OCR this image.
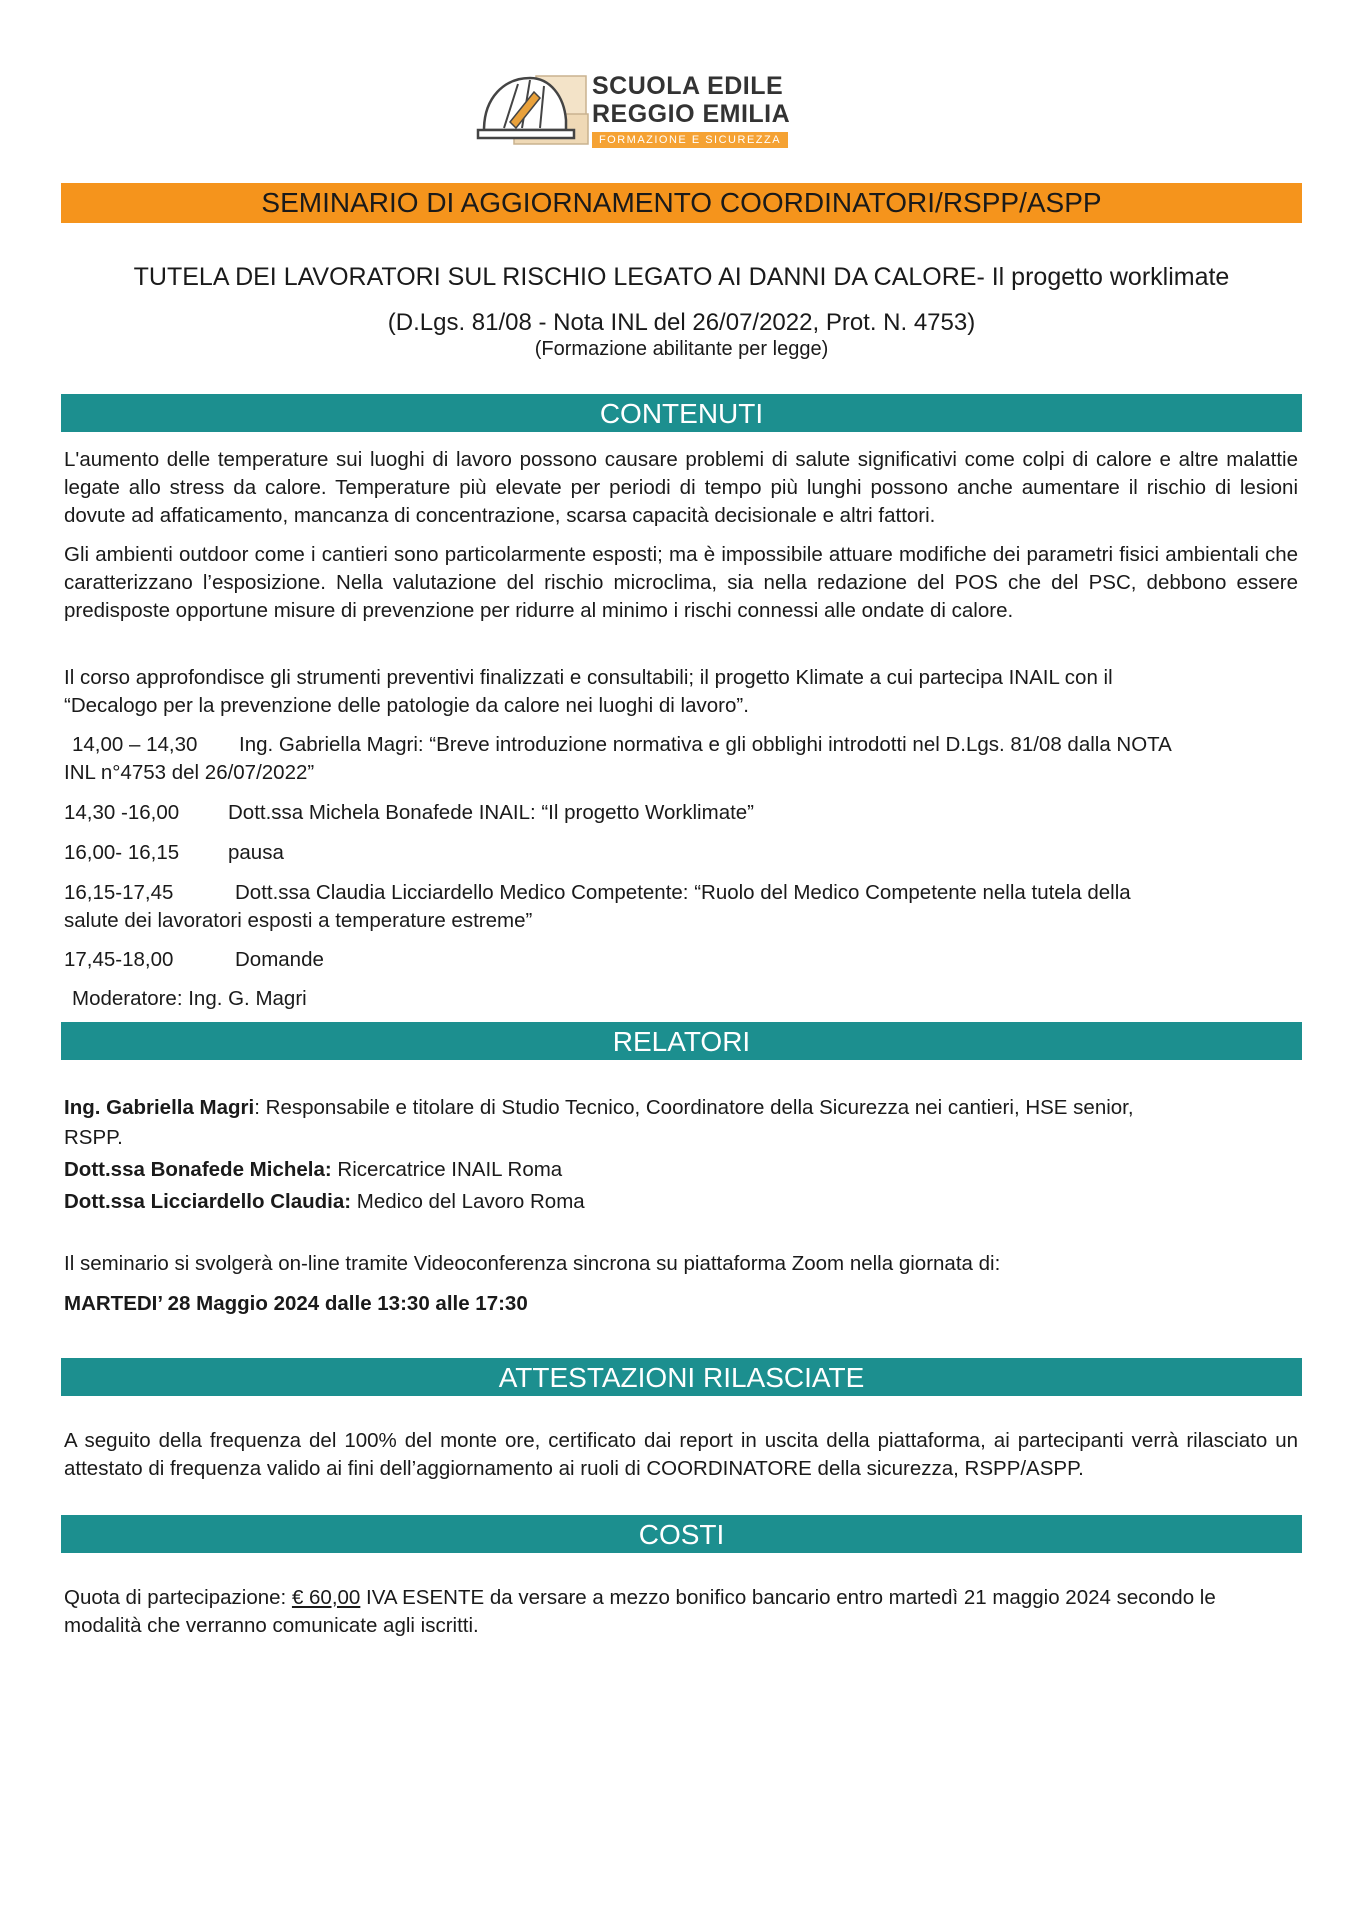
SCUOLA EDILE
REGGIO EMILIA
FORMAZIONE E SICUREZZA
SEMINARIO DI AGGIORNAMENTO COORDINATORI/RSPP/ASPP
TUTELA DEI LAVORATORI SUL RISCHIO LEGATO AI DANNI DA CALORE- Il progetto worklimate
(D.Lgs. 81/08 - Nota INL del 26/07/2022, Prot. N. 4753)
(Formazione abilitante per legge)
CONTENUTI

L'aumento delle temperature sui luoghi di lavoro possono causare problemi di salute significativi come colpi di calore e altre malattie legate allo stress da calore. Temperature più elevate per periodi di tempo più lunghi possono anche aumentare il rischio di lesioni dovute ad affaticamento, mancanza di concentrazione, scarsa capacità decisionale e altri fattori.

Gli ambienti outdoor come i cantieri sono particolarmente esposti; ma è impossibile attuare modifiche dei parametri fisici ambientali che caratterizzano l’esposizione. Nella valutazione del rischio microclima, sia nella redazione del POS che del PSC, debbono essere predisposte opportune misure di prevenzione per ridurre al minimo i rischi connessi alle ondate di calore.

Il corso approfondisce gli strumenti preventivi finalizzati e consultabili; il progetto Klimate a cui partecipa INAIL con il
“Decalogo per la prevenzione delle patologie da calore nei luoghi di lavoro”.
14,00 – 14,30 Ing. Gabriella Magri: “Breve introduzione normativa e gli obblighi introdotti nel D.Lgs. 81/08 dalla NOTA
INL n°4753 del 26/07/2022”
14,30 -16,00 Dott.ssa Michela Bonafede INAIL: “Il progetto Worklimate”
16,00- 16,15 pausa
16,15-17,45	Dott.ssa Claudia Licciardello Medico Competente: “Ruolo del Medico Competente nella tutela della
salute dei lavoratori esposti a temperature estreme”
17,45-18,00	Domande
Moderatore: Ing. G. Magri
RELATORI
Ing. Gabriella Magri: Responsabile e titolare di Studio Tecnico, Coordinatore della Sicurezza nei cantieri, HSE senior,
RSPP.
Dott.ssa Bonafede Michela: Ricercatrice INAIL Roma
Dott.ssa Licciardello Claudia: Medico del Lavoro Roma
Il seminario si svolgerà on-line tramite Videoconferenza sincrona su piattaforma Zoom nella giornata di:
MARTEDI’ 28 Maggio 2024 dalle 13:30 alle 17:30
ATTESTAZIONI RILASCIATE

A seguito della frequenza del 100% del monte ore, certificato dai report in uscita della piattaforma, ai partecipanti verrà rilasciato un attestato di frequenza valido ai fini dell’aggiornamento ai ruoli di COORDINATORE della sicurezza, RSPP/ASPP.

COSTI

Quota di partecipazione: € 60,00 IVA ESENTE da versare a mezzo bonifico bancario entro martedì 21 maggio 2024 secondo le modalità che verranno comunicate agli iscritti.
